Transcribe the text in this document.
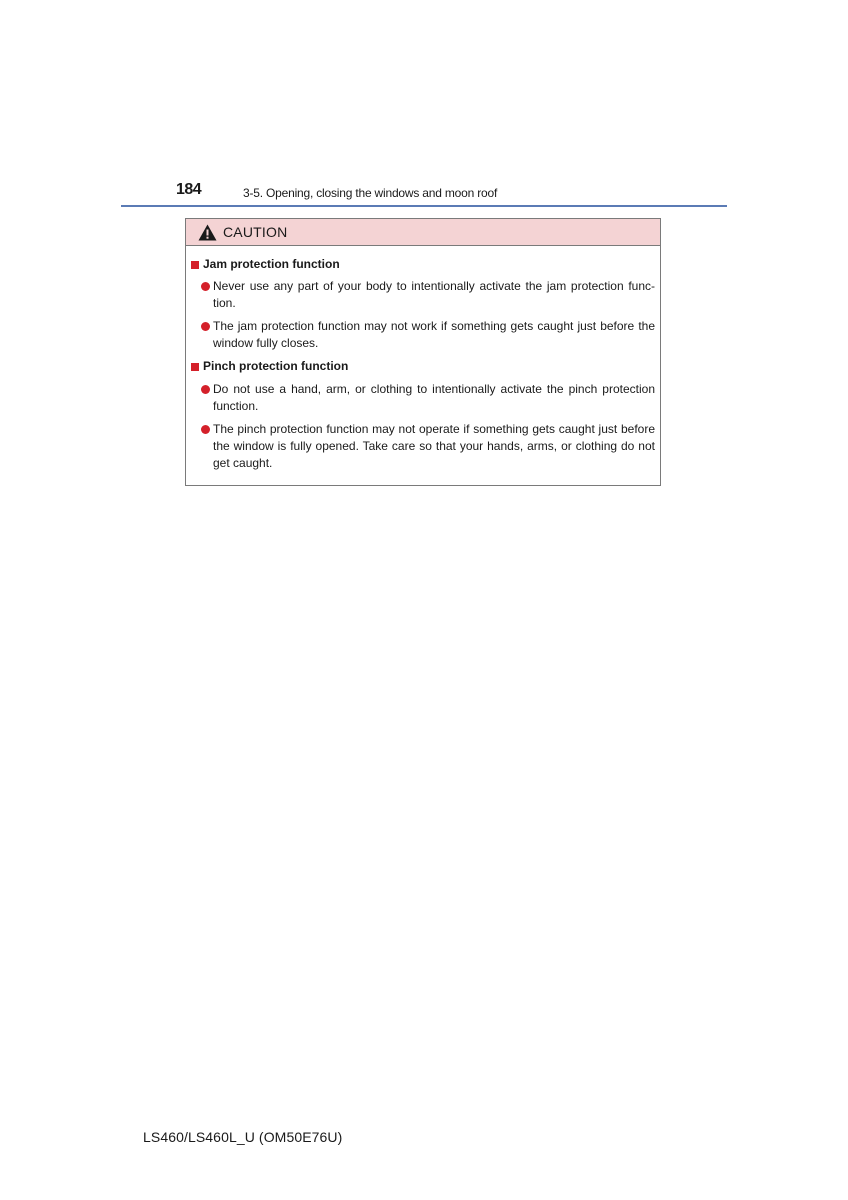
184	3-5. Opening, closing the windows and moon roof
CAUTION
Jam protection function
Never use any part of your body to intentionally activate the jam protection func-tion.
The jam protection function may not work if something gets caught just before the window fully closes.
Pinch protection function
Do not use a hand, arm, or clothing to intentionally activate the pinch protection function.
The pinch protection function may not operate if something gets caught just before the window is fully opened. Take care so that your hands, arms, or clothing do not get caught.
LS460/LS460L_U (OM50E76U)
